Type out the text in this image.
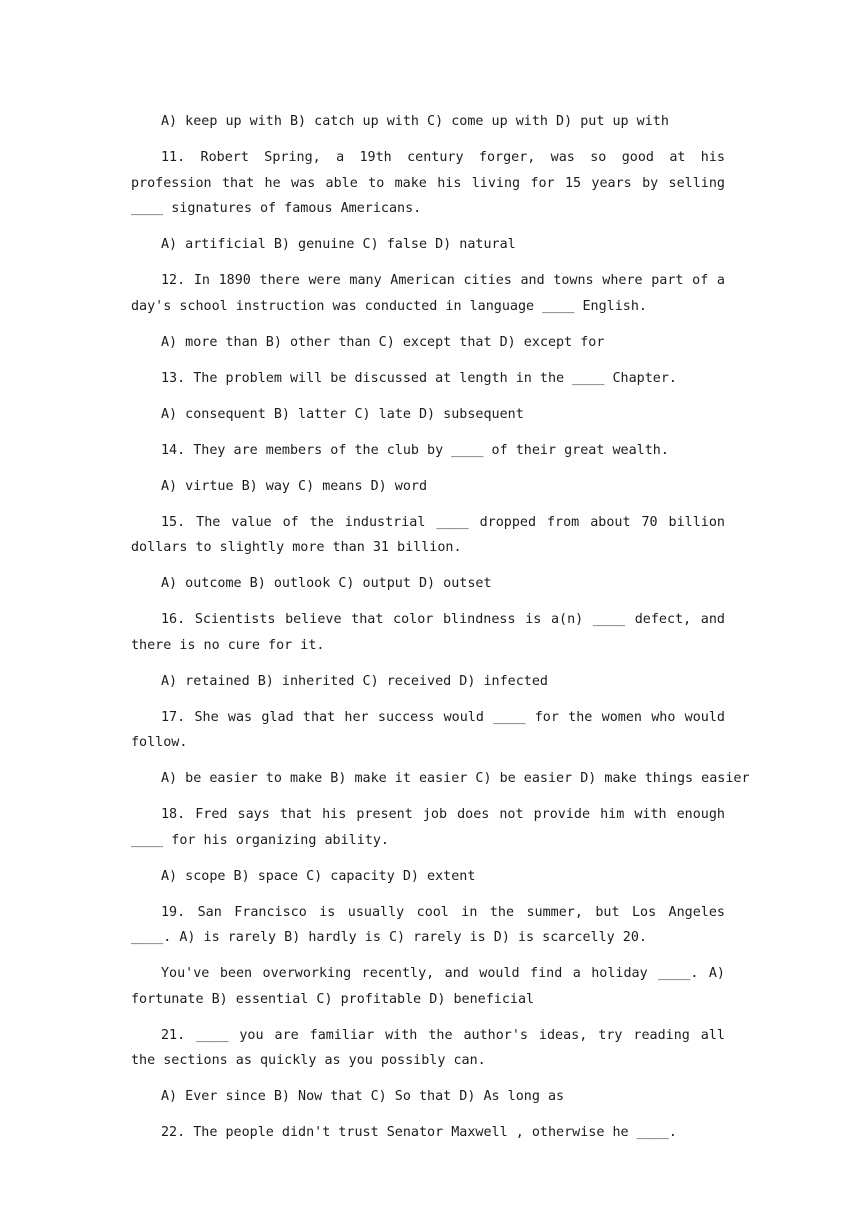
A) keep up with B) catch up with C) come up with D) put up with

11. Robert Spring, a 19th century forger, was so good at his profession that he was able to make his living for 15 years by selling ____ signatures of famous Americans.

A) artificial B) genuine C) false D) natural

12. In 1890 there were many American cities and towns where part of a day's school instruction was conducted in language ____ English.

A) more than B) other than C) except that D) except for

13. The problem will be discussed at length in the ____ Chapter.

A) consequent B) latter C) late D) subsequent

14. They are members of the club by ____ of their great wealth.

A) virtue B) way C) means D) word

15. The value of the industrial ____ dropped from about 70 billion dollars to slightly more than 31 billion.

A) outcome B) outlook C) output D) outset

16. Scientists believe that color blindness is a(n) ____ defect, and there is no cure for it.

A) retained B) inherited C) received D) infected

17. She was glad that her success would ____ for the women who would follow.

A) be easier to make B) make it easier C) be easier D) make things easier

18. Fred says that his present job does not provide him with enough ____ for his organizing ability.

A) scope B) space C) capacity D) extent

19. San Francisco is usually cool in the summer, but Los Angeles ____. A) is rarely B) hardly is C) rarely is D) is scarcelly 20.

You've been overworking recently, and would find a holiday ____. A) fortunate B) essential C) profitable D) beneficial

21. ____ you are familiar with the author's ideas, try reading all the sections as quickly as you possibly can.

A) Ever since B) Now that C) So that D) As long as

22. The people didn't trust Senator Maxwell , otherwise he ____.
